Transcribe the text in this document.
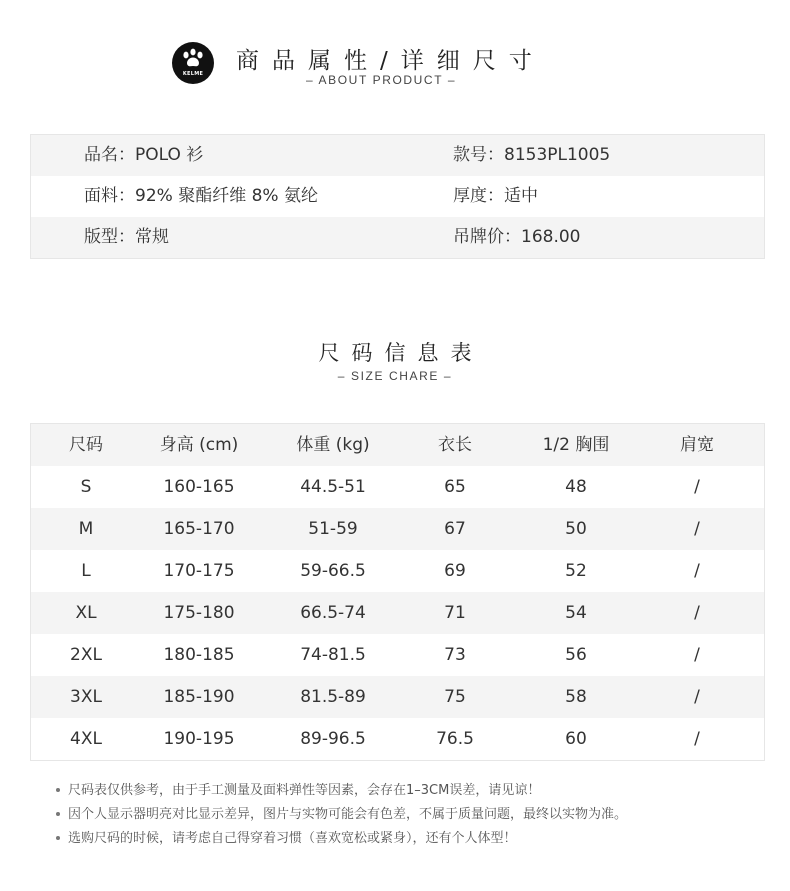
KELME	商品属性/详细尺寸
– ABOUT PRODUCT –
品名：POLO 衫	款号：8153PL1005
面料：92% 聚酯纤维 8% 氨纶	厚度：适中
版型：常规	吊牌价：168.00
尺码信息表
– SIZE CHARE –
尺码	身高 (cm)	体重 (kg)	衣长	1/2 胸围	肩宽
S	160-165	44.5-51	65	48	/
M	165-170	51-59	67	50	/
L	170-175	59-66.5	69	52	/
XL	175-180	66.5-74	71	54	/
2XL	180-185	74-81.5	73	56	/
3XL	185-190	81.5-89	75	58	/
4XL	190-195	89-96.5	76.5	60	/
尺码表仅供参考，由于手工测量及面料弹性等因素，会存在1–3CM误差，请见谅！
因个人显示器明亮对比显示差异，图片与实物可能会有色差，不属于质量问题，最终以实物为准。
选购尺码的时候，请考虑自己得穿着习惯（喜欢宽松或紧身），还有个人体型！
